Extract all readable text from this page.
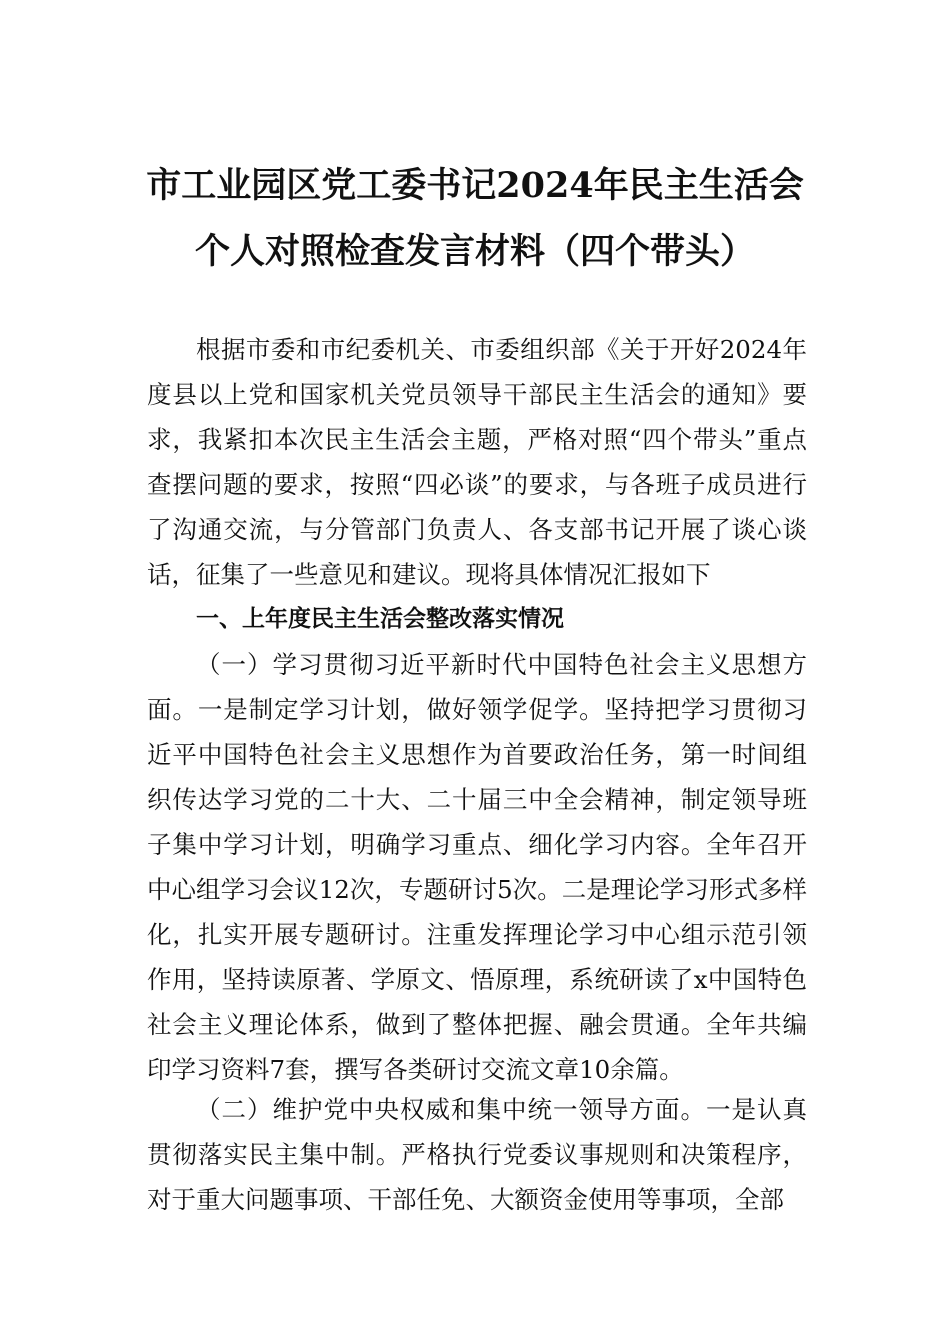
市工业园区党工委书记2024年民主生活会
个人对照检查发言材料（四个带头）

根据市委和市纪委机关、市委组织部《关于开好2024年度县以上党和国家机关党员领导干部民主生活会的通知》要求，我紧扣本次民主生活会主题，严格对照“四个带头”重点查摆问题的要求，按照“四必谈”的要求，与各班子成员进行了沟通交流，与分管部门负责人、各支部书记开展了谈心谈话，征集了一些意见和建议。现将具体情况汇报如下

一、上年度民主生活会整改落实情况

（一）学习贯彻习近平新时代中国特色社会主义思想方面。一是制定学习计划，做好领学促学。坚持把学习贯彻习近平中国特色社会主义思想作为首要政治任务，第一时间组织传达学习党的二十大、二十届三中全会精神，制定领导班子集中学习计划，明确学习重点、细化学习内容。全年召开中心组学习会议12次，专题研讨5次。二是理论学习形式多样化，扎实开展专题研讨。注重发挥理论学习中心组示范引领作用，坚持读原著、学原文、悟原理，系统研读了x中国特色社会主义理论体系，做到了整体把握、融会贯通。全年共编印学习资料7套，撰写各类研讨交流文章10余篇。

（二）维护党中央权威和集中统一领导方面。一是认真贯彻落实民主集中制。严格执行党委议事规则和决策程序，对于重大问题事项、干部任免、大额资金使用等事项，全部
